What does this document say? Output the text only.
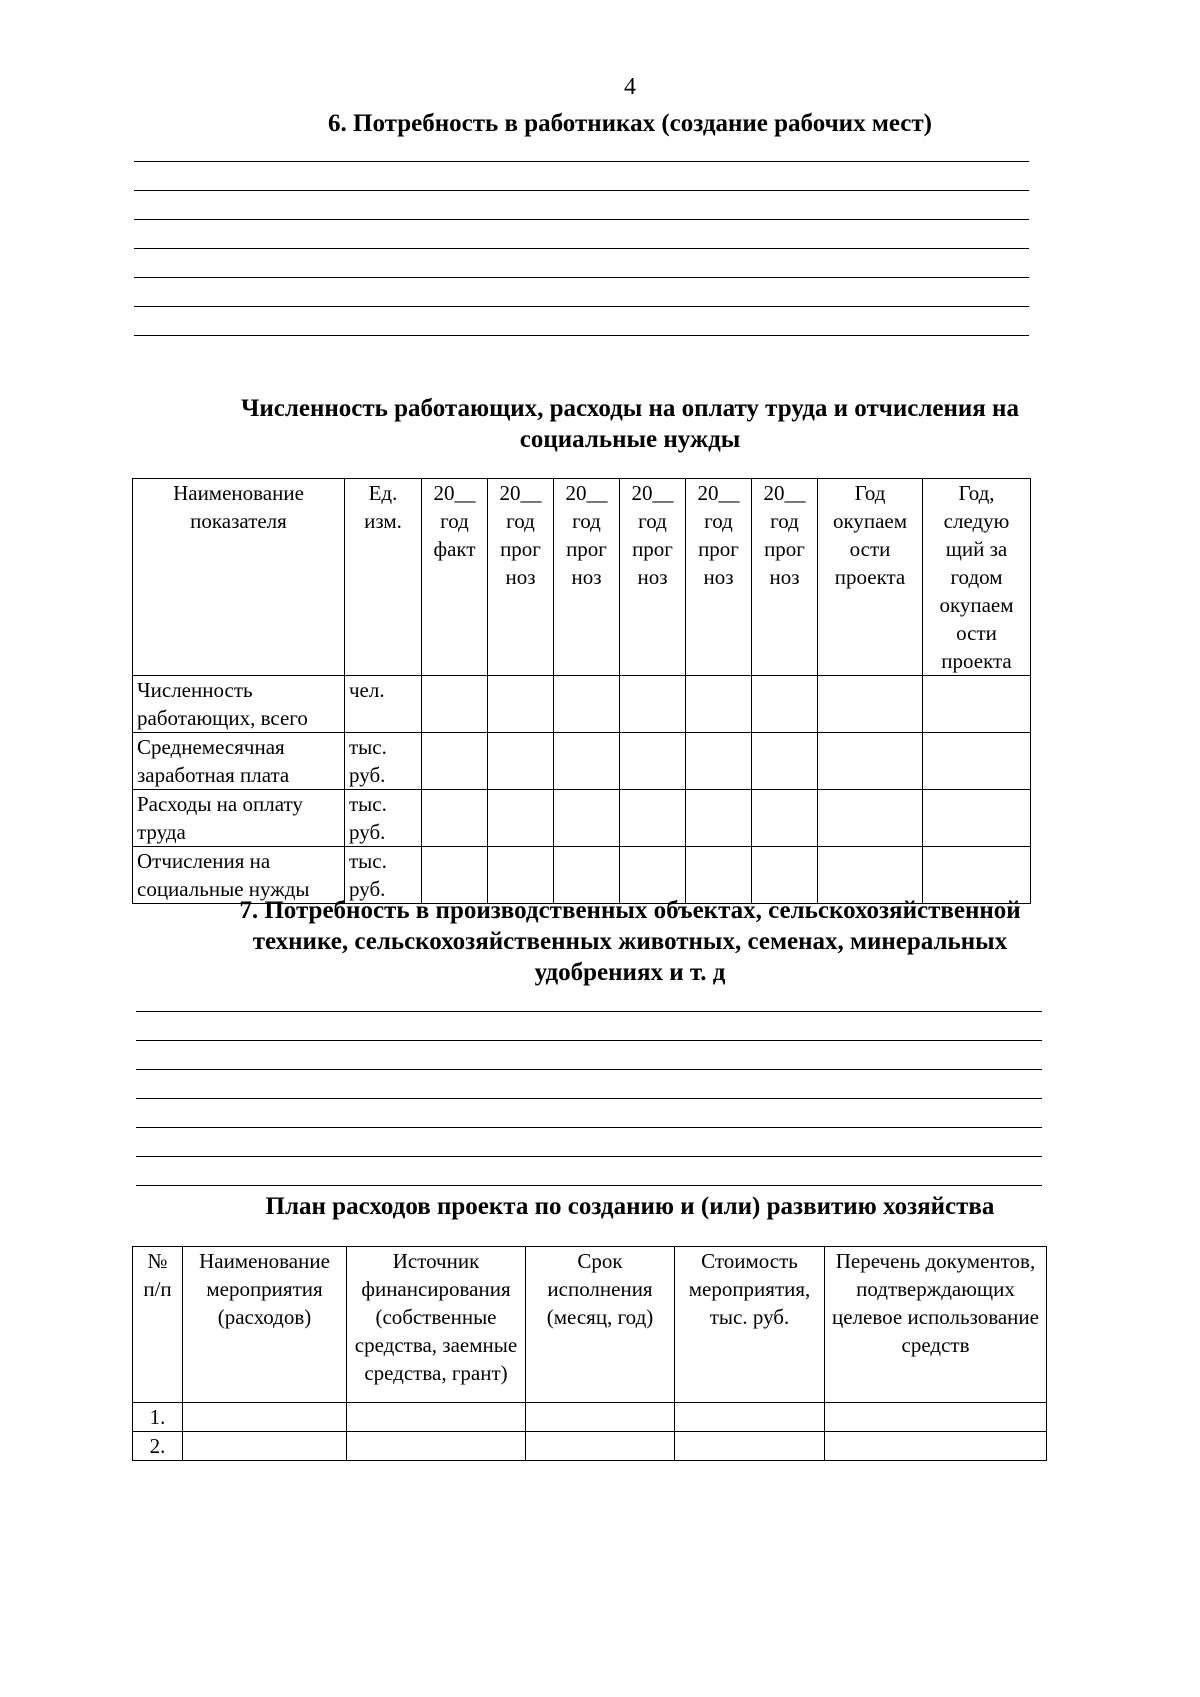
4
6. Потребность в работниках (создание рабочих мест)
Численность работающих, расходы на оплату труда и отчисления на
социальные нужды
Наименование показателя	Ед. изм.	20__ год факт	20__ год прог ноз	20__ год прог ноз	20__ год прог ноз	20__ год прог ноз	20__ год прог ноз	Год окупаем ости проекта	Год, следую щий за годом окупаем ости проекта
Численность работающих, всего	чел.								
Среднемесячная заработная плата	тыс. руб.								
Расходы на оплату труда	тыс. руб.								
Отчисления на социальные нужды	тыс. руб.								
7. Потребность в производственных объектах, сельскохозяйственной
технике, сельскохозяйственных животных, семенах, минеральных
удобрениях и т. д
План расходов проекта по созданию и (или) развитию хозяйства
№ п/п	Наименование мероприятия (расходов)	Источник финансирования (собственные средства, заемные средства, грант)	Срок исполнения (месяц, год)	Стоимость мероприятия, тыс. руб.	Перечень документов, подтверждающих целевое использование средств
1.					
2.					
